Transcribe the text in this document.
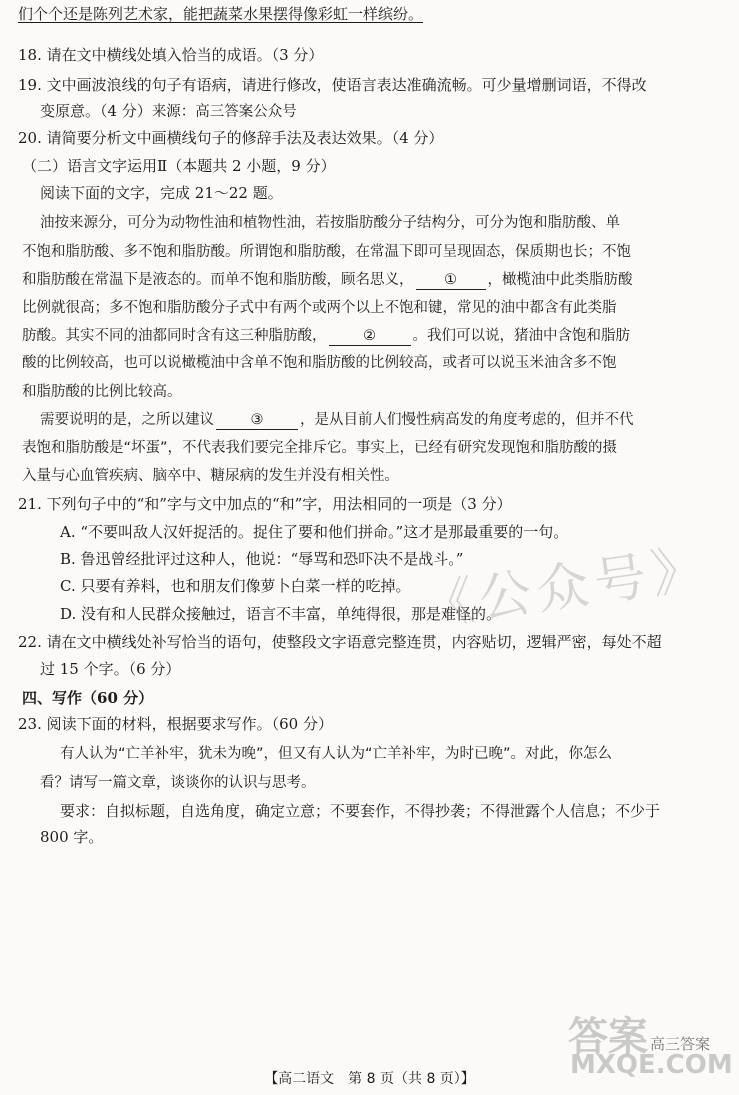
们个个还是陈列艺术家，能把蔬菜水果摆得像彩虹一样缤纷。
18. 请在文中横线处填入恰当的成语。（3 分）
19. 文中画波浪线的句子有语病，请进行修改，使语言表达准确流畅。可少量增删词语，不得改
变原意。（4 分）来源：高三答案公众号
20. 请简要分析文中画横线句子的修辞手法及表达效果。（4 分）
（二）语言文字运用Ⅱ（本题共 2 小题，9 分）
阅读下面的文字，完成 21～22 题。
油按来源分，可分为动物性油和植物性油，若按脂肪酸分子结构分，可分为饱和脂肪酸、单
不饱和脂肪酸、多不饱和脂肪酸。所谓饱和脂肪酸，在常温下即可呈现固态，保质期也长；不饱
和脂肪酸在常温下是液态的。而单不饱和脂肪酸，顾名思义， ① ，橄榄油中此类脂肪酸
比例就很高；多不饱和脂肪酸分子式中有两个或两个以上不饱和键，常见的油中都含有此类脂
肪酸。其实不同的油都同时含有这三种脂肪酸，	②	。我们可以说，猪油中含饱和脂肪
酸的比例较高，也可以说橄榄油中含单不饱和脂肪酸的比例较高，或者可以说玉米油含多不饱
和脂肪酸的比例比较高。
需要说明的是，之所以建议	③	，是从目前人们慢性病高发的角度考虑的，但并不代
表饱和脂肪酸是“坏蛋”，不代表我们要完全排斥它。事实上，已经有研究发现饱和脂肪酸的摄
入量与心血管疾病、脑卒中、糖尿病的发生并没有相关性。
21. 下列句子中的“和”字与文中加点的“和”字，用法相同的一项是（3 分）
A. “不要叫敌人汉奸捉活的。捉住了要和他们拼命。”这才是那最重要的一句。
B. 鲁迅曾经批评过这种人，他说：“辱骂和恐吓决不是战斗。”
C. 只要有养料，也和朋友们像萝卜白菜一样的吃掉。
D. 没有和人民群众接触过，语言不丰富，单纯得很，那是难怪的。
22. 请在文中横线处补写恰当的语句，使整段文字语意完整连贯，内容贴切，逻辑严密，每处不超
过 15 个字。（6 分）
四、写作（60 分）
23. 阅读下面的材料，根据要求写作。（60 分）
有人认为“亡羊补牢，犹未为晚”，但又有人认为“亡羊补牢，为时已晚”。对此，你怎么
看？请写一篇文章，谈谈你的认识与思考。
要求：自拟标题，自选角度，确定立意；不要套作，不得抄袭；不得泄露个人信息；不少于
800 字。
《公众号》
答案
MXQE.COM
高三答案
【高二语文　第 8 页（共 8 页）】
